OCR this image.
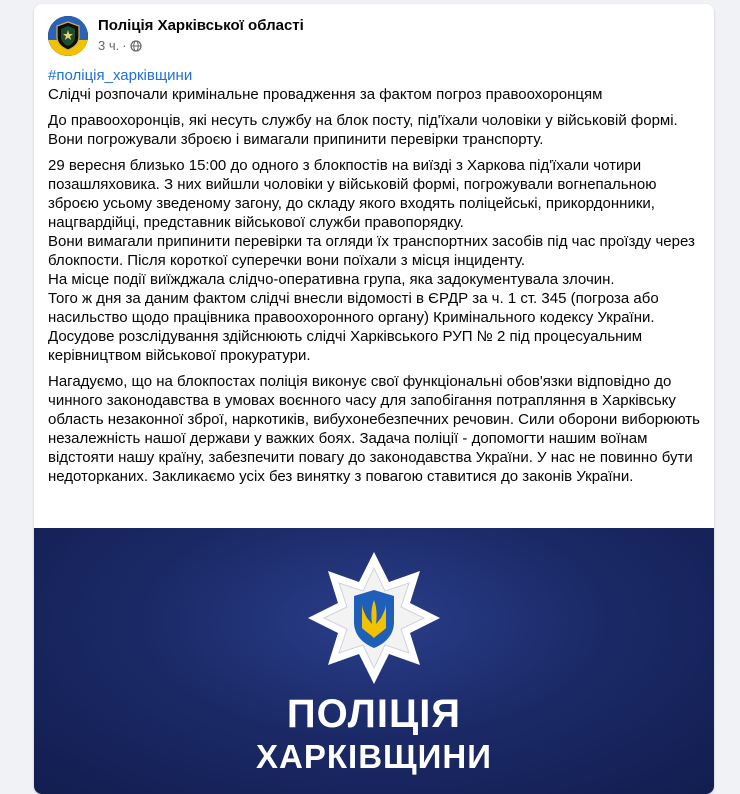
Поліція Харківської області
3 ч. ·
#поліція_харківщини

Слідчі розпочали кримінальне провадження за фактом погроз правоохоронцям

До правоохоронців, які несуть службу на блок посту, під'їхали чоловіки у військовій формі. Вони погрожували зброєю і вимагали припинити перевірки транспорту.

29 вересня близько 15:00 до одного з блокпостів на виїзді з Харкова під'їхали чотири позашляховика. З них вийшли чоловіки у військовій формі, погрожували вогнепальною зброєю усьому зведеному загону, до складу якого входять поліцейські, прикордонники, нацгвардійці, представник військової служби правопорядку.
Вони вимагали припинити перевірки та огляди їх транспортних засобів під час проїзду через блокпости. Після короткої суперечки вони поїхали з місця інциденту.
На місце події виїжджала слідчо-оперативна група, яка задокументувала злочин.
Того ж дня за даним фактом слідчі внесли відомості в ЄРДР за ч. 1 ст. 345 (погроза або насильство щодо працівника правоохоронного органу) Кримінального кодексу України.
Досудове розслідування здійснюють слідчі Харківського РУП № 2 під процесуальним керівництвом військової прокуратури.

Нагадуємо, що на блокпостах поліція виконує свої функціональні обов'язки відповідно до чинного законодавства в умовах воєнного часу для запобігання потрапляння в Харківську область незаконної зброї, наркотиків, вибухонебезпечних речовин. Сили оборони виборюють незалежність нашої держави у важких боях. Задача поліції - допомогти нашим воїнам відстояти нашу країну, забезпечити повагу до законодавства України. У нас не повинно бути недоторканих. Закликаємо усіх без винятку з повагою ставитися до законів України.

ПОЛІЦІЯ
ХАРКІВЩИНИ
